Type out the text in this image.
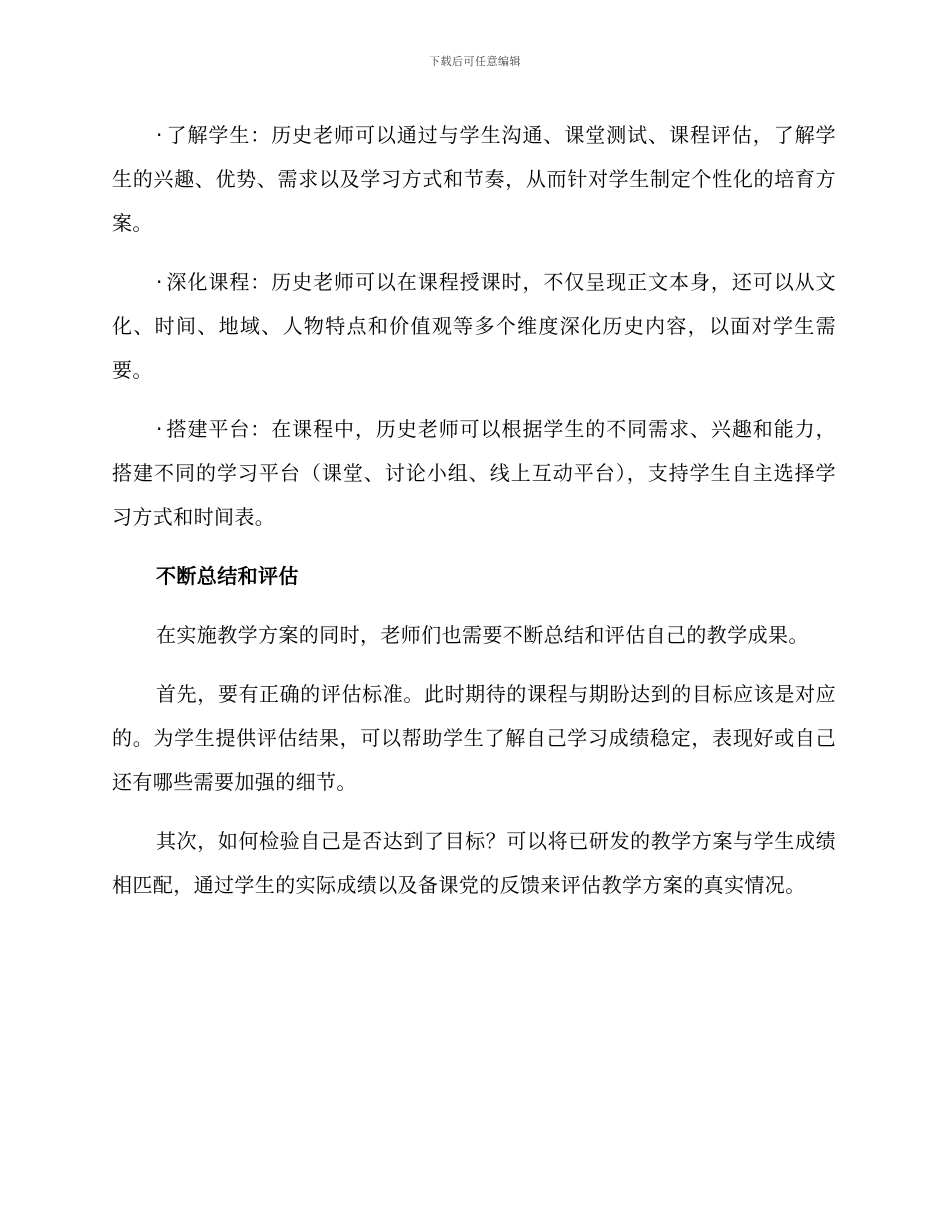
下载后可任意编辑

· 了解学生：历史老师可以通过与学生沟通、课堂测试、课程评估，了解学生的兴趣、优势、需求以及学习方式和节奏，从而针对学生制定个性化的培育方案。

· 深化课程：历史老师可以在课程授课时，不仅呈现正文本身，还可以从文化、时间、地域、人物特点和价值观等多个维度深化历史内容，以面对学生需要。

· 搭建平台：在课程中，历史老师可以根据学生的不同需求、兴趣和能力，搭建不同的学习平台（课堂、讨论小组、线上互动平台），支持学生自主选择学习方式和时间表。

不断总结和评估

在实施教学方案的同时，老师们也需要不断总结和评估自己的教学成果。

首先，要有正确的评估标准。此时期待的课程与期盼达到的目标应该是对应的。为学生提供评估结果，可以帮助学生了解自己学习成绩稳定，表现好或自己还有哪些需要加强的细节。

其次，如何检验自己是否达到了目标？可以将已研发的教学方案与学生成绩相匹配，通过学生的实际成绩以及备课党的反馈来评估教学方案的真实情况。
